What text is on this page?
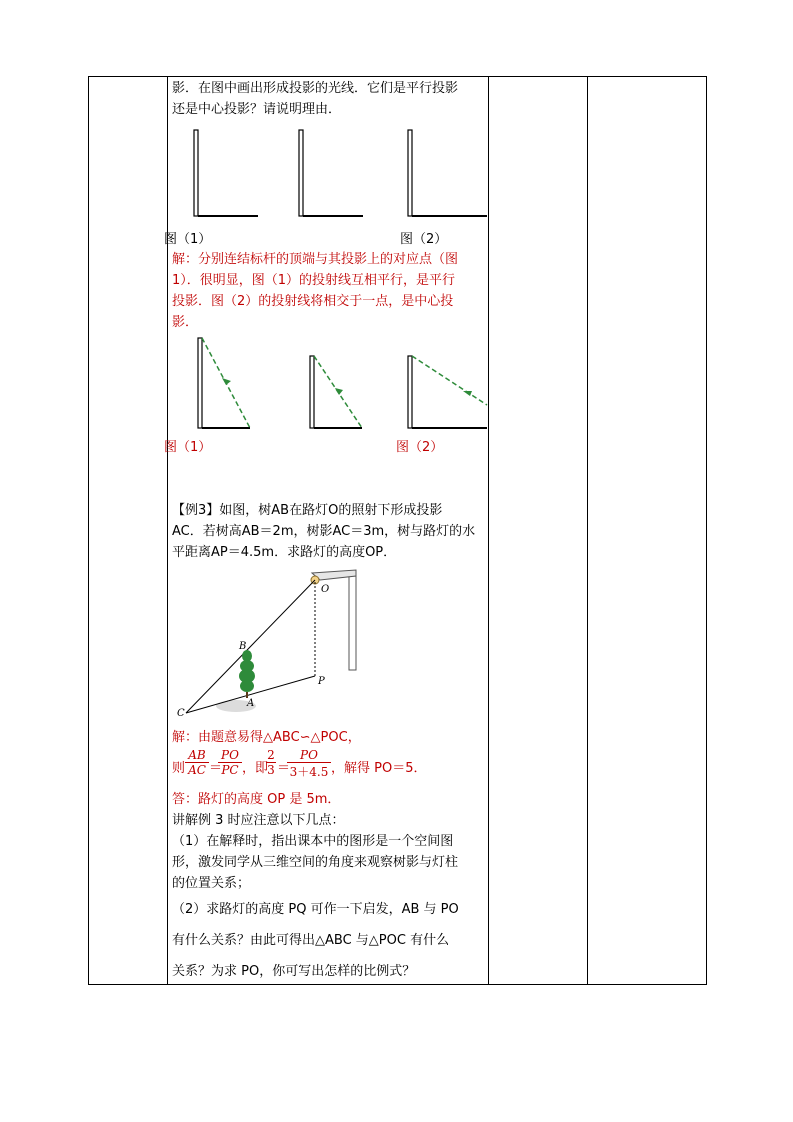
影．在图中画出形成投影的光线．它们是平行投影
还是中心投影？请说明理由．
图（1）	图（2）
解：分别连结标杆的顶端与其投影上的对应点（图
1）．很明显，图（1）的投射线互相平行，是平行
投影．图（2）的投射线将相交于一点，是中心投
影．
图（1）	图（2）
【例3】如图，树AB在路灯O的照射下形成投影
AC．若树高AB＝2m，树影AC＝3m，树与路灯的水
平距离AP＝4.5m．求路灯的高度OP．
O
B
P
A
C
解：由题意易得△ABC∽△POC，
则 $\frac{AB}{AC}$ ＝
$\frac{PO}{PC}$ ，即
$\frac{2}{3}$ ＝
$\frac{PO}{3+4.5}$ ，解得 PO＝5．
答：路灯的高度 OP 是 5m．
讲解例 3 时应注意以下几点：
（1）在解释时，指出课本中的图形是一个空间图
形，激发同学从三维空间的角度来观察树影与灯柱
的位置关系；
（2）求路灯的高度 PQ 可作一下启发，AB 与 PO
有什么关系？由此可得出△ABC 与△POC 有什么
关系？为求 PO，你可写出怎样的比例式？
